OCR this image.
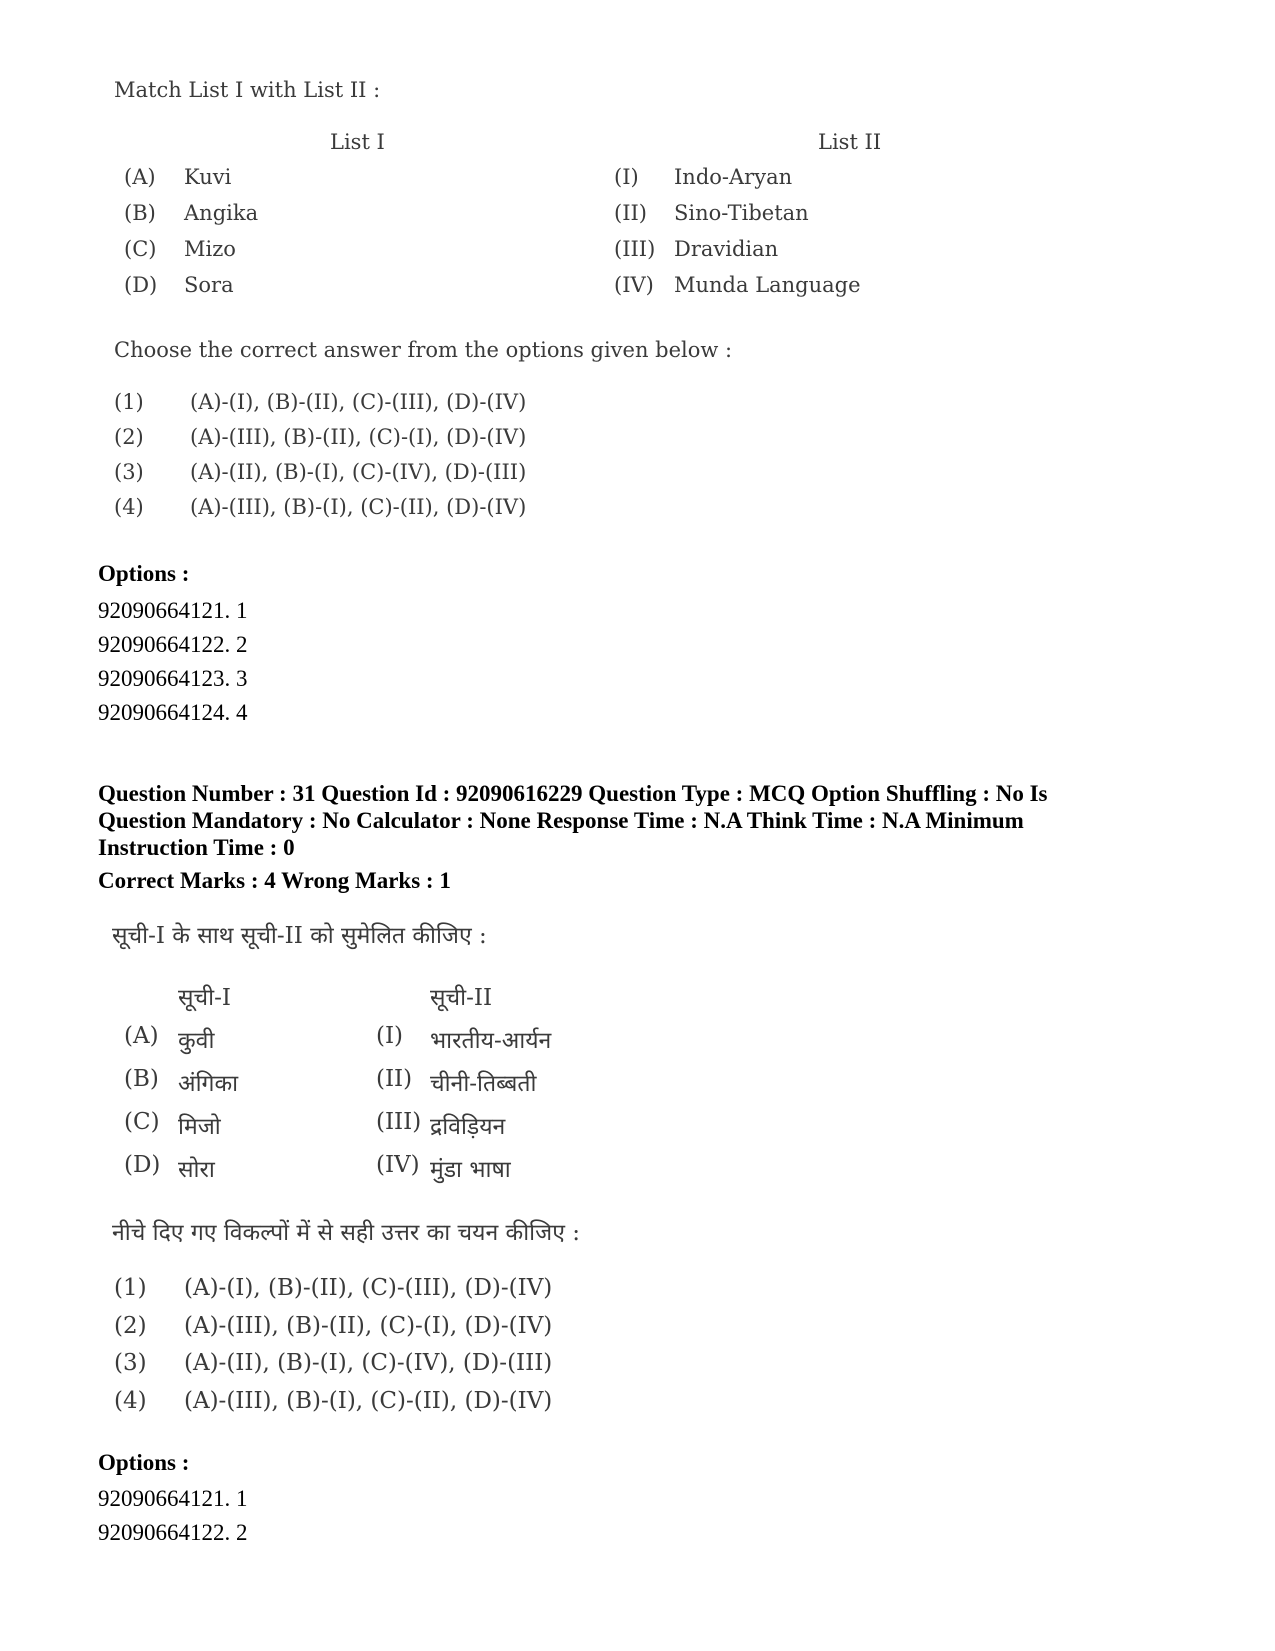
Match List I with List II :
List I	List II
(A) Kuvi
(B) Angika
(C) Mizo
(D) Sora
(I) Indo-Aryan
(II) Sino-Tibetan
(III) Dravidian
(IV) Munda Language
Choose the correct answer from the options given below :
(1) (A)-(I), (B)-(II), (C)-(III), (D)-(IV)
(2) (A)-(III), (B)-(II), (C)-(I), (D)-(IV)
(3) (A)-(II), (B)-(I), (C)-(IV), (D)-(III)
(4) (A)-(III), (B)-(I), (C)-(II), (D)-(IV)
Options :
92090664121. 1
92090664122. 2
92090664123. 3
92090664124. 4
Question Number : 31 Question Id : 92090616229 Question Type : MCQ Option Shuffling : No Is
Question Mandatory : No Calculator : None Response Time : N.A Think Time : N.A Minimum
Instruction Time : 0
Correct Marks : 4 Wrong Marks : 1
सूची-I के साथ सूची-II को सुमेलित कीजिए :
सूची-I	सूची-II
(A) कुवी
(B) अंगिका
(C) मिजो
(D) सोरा
(I) भारतीय-आर्यन
(II) चीनी-तिब्बती
(III) द्रविड़ियन
(IV) मुंडा भाषा
नीचे दिए गए विकल्पों में से सही उत्तर का चयन कीजिए :
(1) (A)-(I), (B)-(II), (C)-(III), (D)-(IV)
(2) (A)-(III), (B)-(II), (C)-(I), (D)-(IV)
(3) (A)-(II), (B)-(I), (C)-(IV), (D)-(III)
(4) (A)-(III), (B)-(I), (C)-(II), (D)-(IV)
Options :
92090664121. 1
92090664122. 2
